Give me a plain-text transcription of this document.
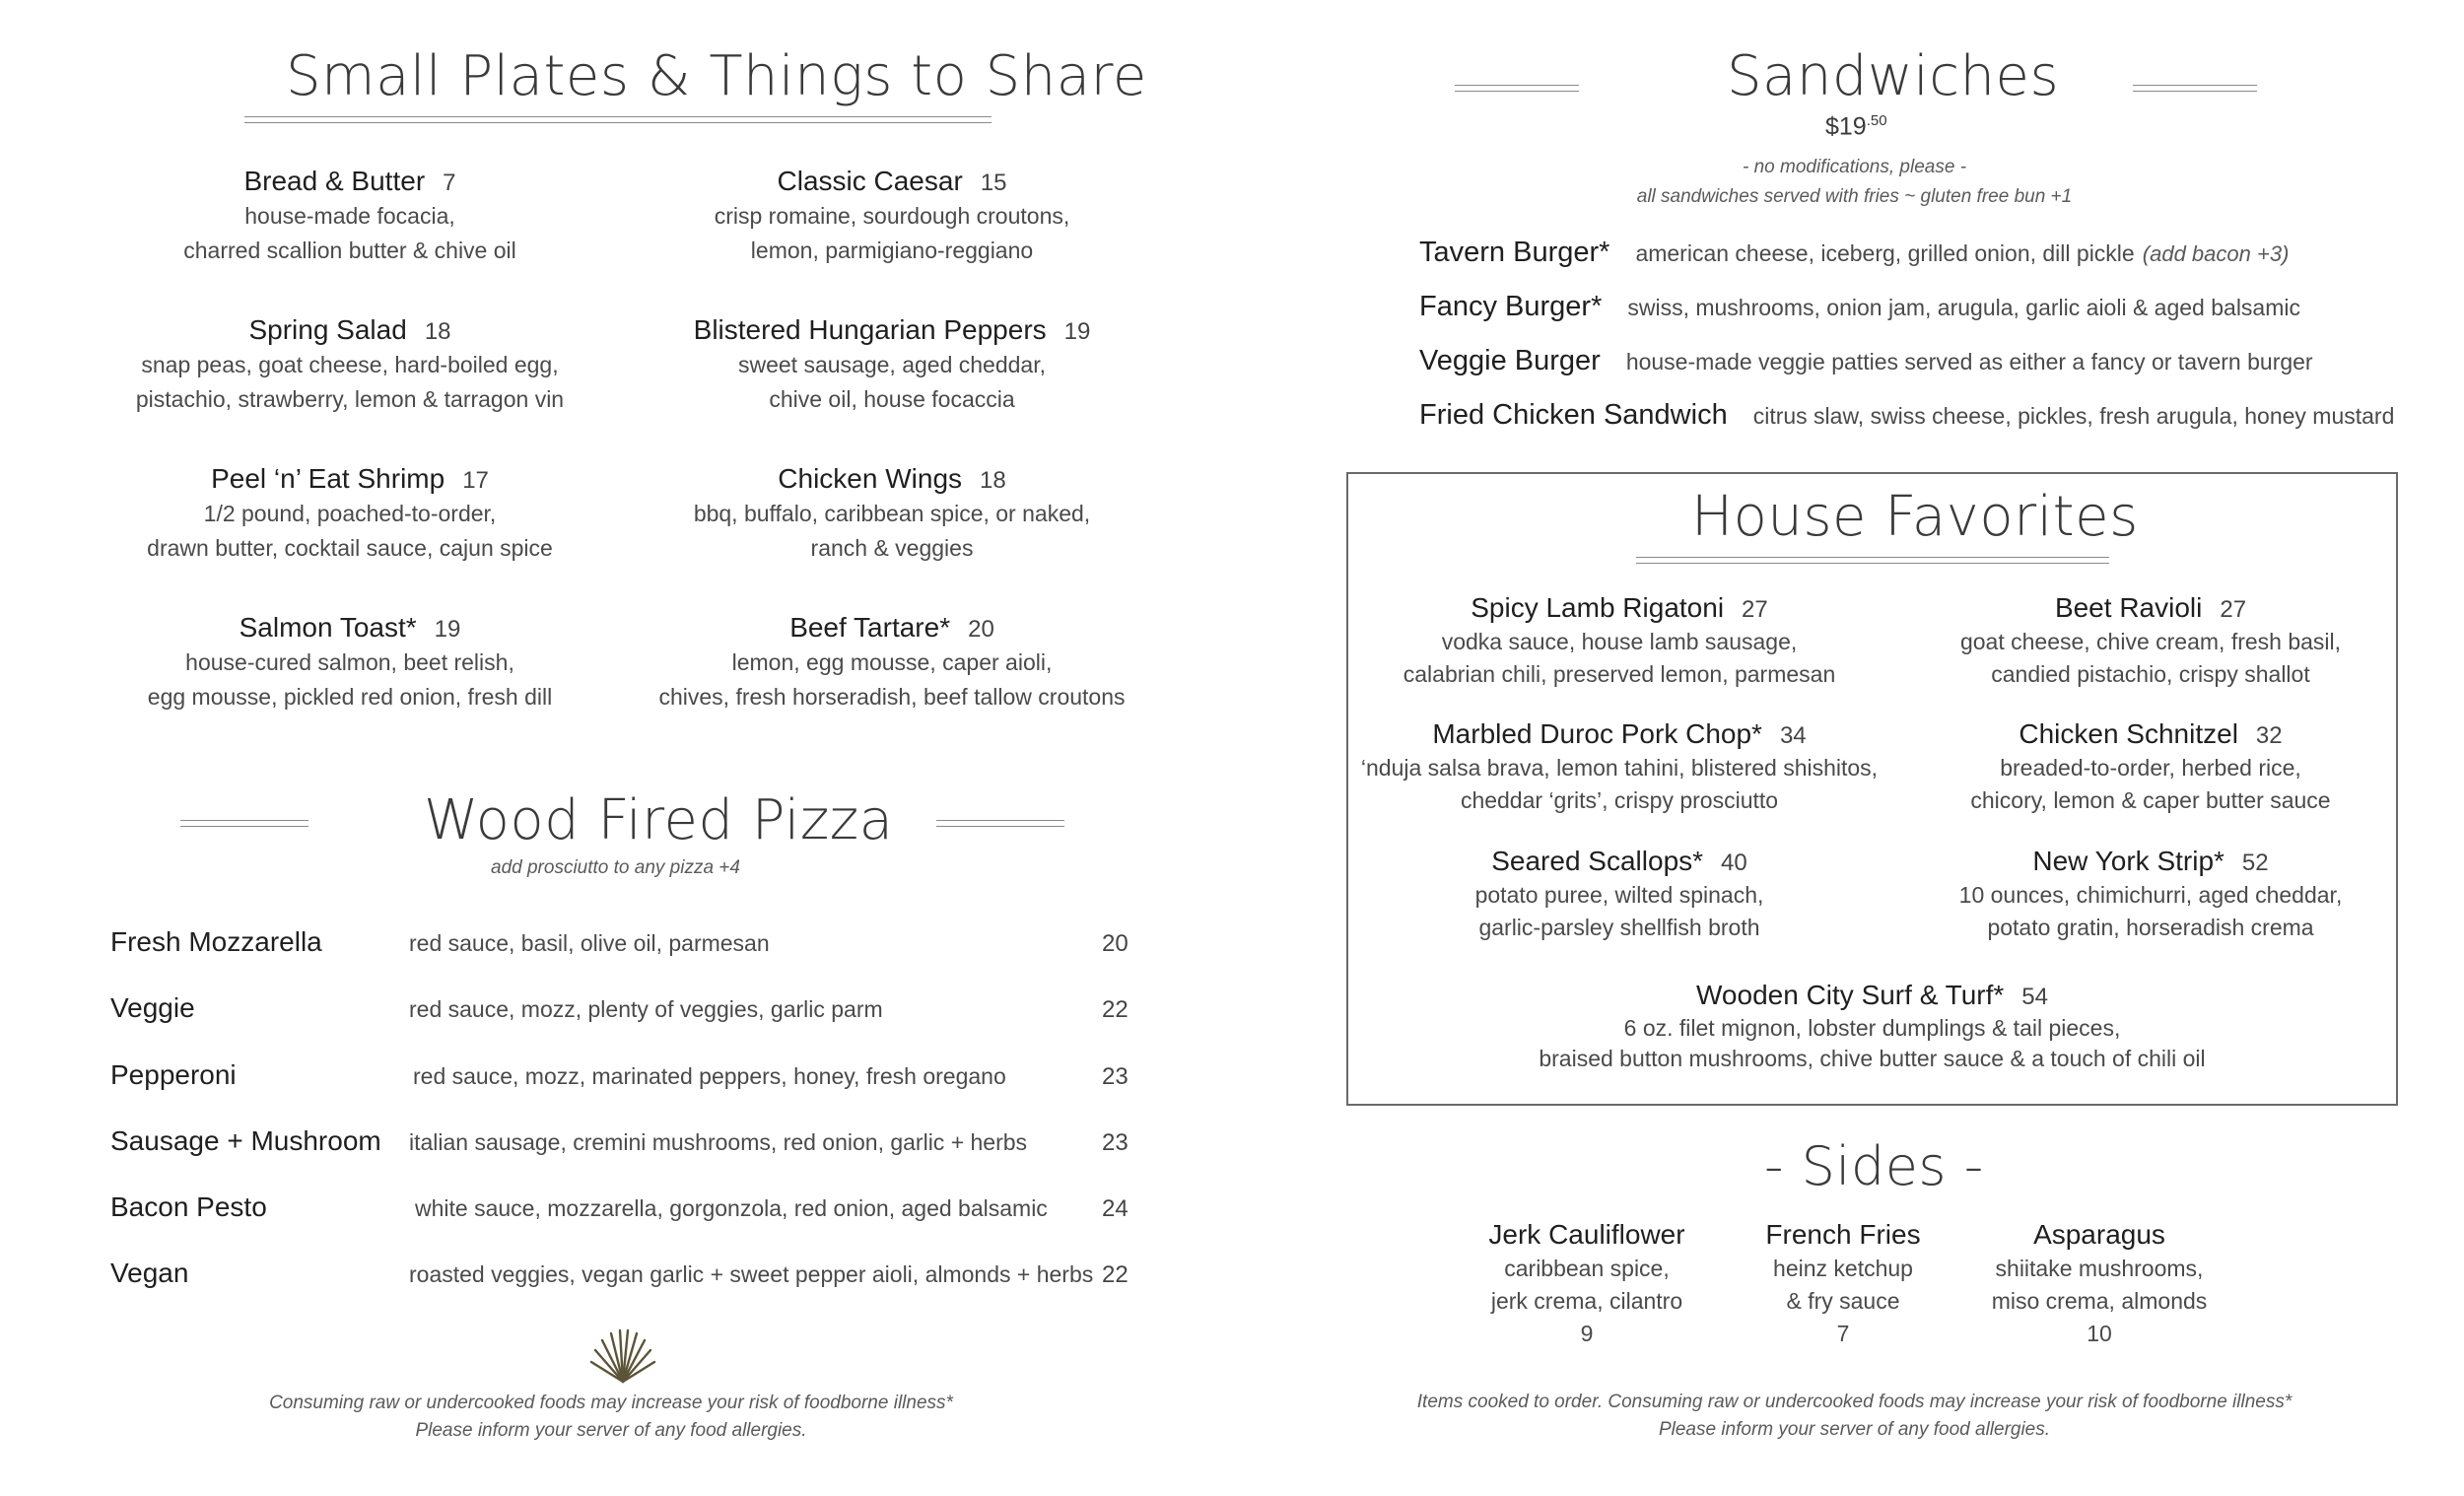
Small Plates & Things to Share
Bread & Butter 7
house-made focacia,
charred scallion butter & chive oil
Classic Caesar 15
crisp romaine, sourdough croutons,
lemon, parmigiano-reggiano
Spring Salad 18
snap peas, goat cheese, hard-boiled egg,
pistachio, strawberry, lemon & tarragon vin
Blistered Hungarian Peppers 19
sweet sausage, aged cheddar,
chive oil, house focaccia
Peel ‘n’ Eat Shrimp 17
1/2 pound, poached-to-order,
drawn butter, cocktail sauce, cajun spice
Chicken Wings 18
bbq, buffalo, caribbean spice, or naked,
ranch & veggies
Salmon Toast* 19
house-cured salmon, beet relish,
egg mousse, pickled red onion, fresh dill
Beef Tartare* 20
lemon, egg mousse, caper aioli,
chives, fresh horseradish, beef tallow croutons
Wood Fired Pizza
add prosciutto to any pizza +4
Fresh Mozzarella	red sauce, basil, olive oil, parmesan	20
Veggie	red sauce, mozz, plenty of veggies, garlic parm	22
Pepperoni	red sauce, mozz, marinated peppers, honey, fresh oregano	23
Sausage + Mushroom italian sausage, cremini mushrooms, red onion, garlic + herbs	23
Bacon Pesto	white sauce, mozzarella, gorgonzola, red onion, aged balsamic 24
Vegan	roasted veggies, vegan garlic + sweet pepper aioli, almonds + herbs 22
Consuming raw or undercooked foods may increase your risk of foodborne illness*
Please inform your server of any food allergies.
Sandwiches
$\$19^{.50}$
- no modifications, please -
all sandwiches served with fries ~ gluten free bun +1
Tavern Burger* american cheese, iceberg, grilled onion, dill pickle (add bacon +3)
Fancy Burger* swiss, mushrooms, onion jam, arugula, garlic aioli & aged balsamic
Veggie Burger house-made veggie patties served as either a fancy or tavern burger
Fried Chicken Sandwich citrus slaw, swiss cheese, pickles, fresh arugula, honey mustard
House Favorites
Spicy Lamb Rigatoni 27
vodka sauce, house lamb sausage,
calabrian chili, preserved lemon, parmesan
Beet Ravioli 27
goat cheese, chive cream, fresh basil,
candied pistachio, crispy shallot
Marbled Duroc Pork Chop* 34
‘nduja salsa brava, lemon tahini, blistered shishitos,
cheddar ‘grits’, crispy prosciutto
Chicken Schnitzel 32
breaded-to-order, herbed rice,
chicory, lemon & caper butter sauce
Seared Scallops* 40
potato puree, wilted spinach,
garlic-parsley shellfish broth
New York Strip* 52
10 ounces, chimichurri, aged cheddar,
potato gratin, horseradish crema
Wooden City Surf & Turf* 54
6 oz. filet mignon, lobster dumplings & tail pieces,
braised button mushrooms, chive butter sauce & a touch of chili oil
- Sides -
Jerk Cauliflower
caribbean spice,
jerk crema, cilantro
9
French Fries
heinz ketchup
& fry sauce
7
Asparagus
shiitake mushrooms,
miso crema, almonds
10
Items cooked to order. Consuming raw or undercooked foods may increase your risk of foodborne illness*
Please inform your server of any food allergies.
